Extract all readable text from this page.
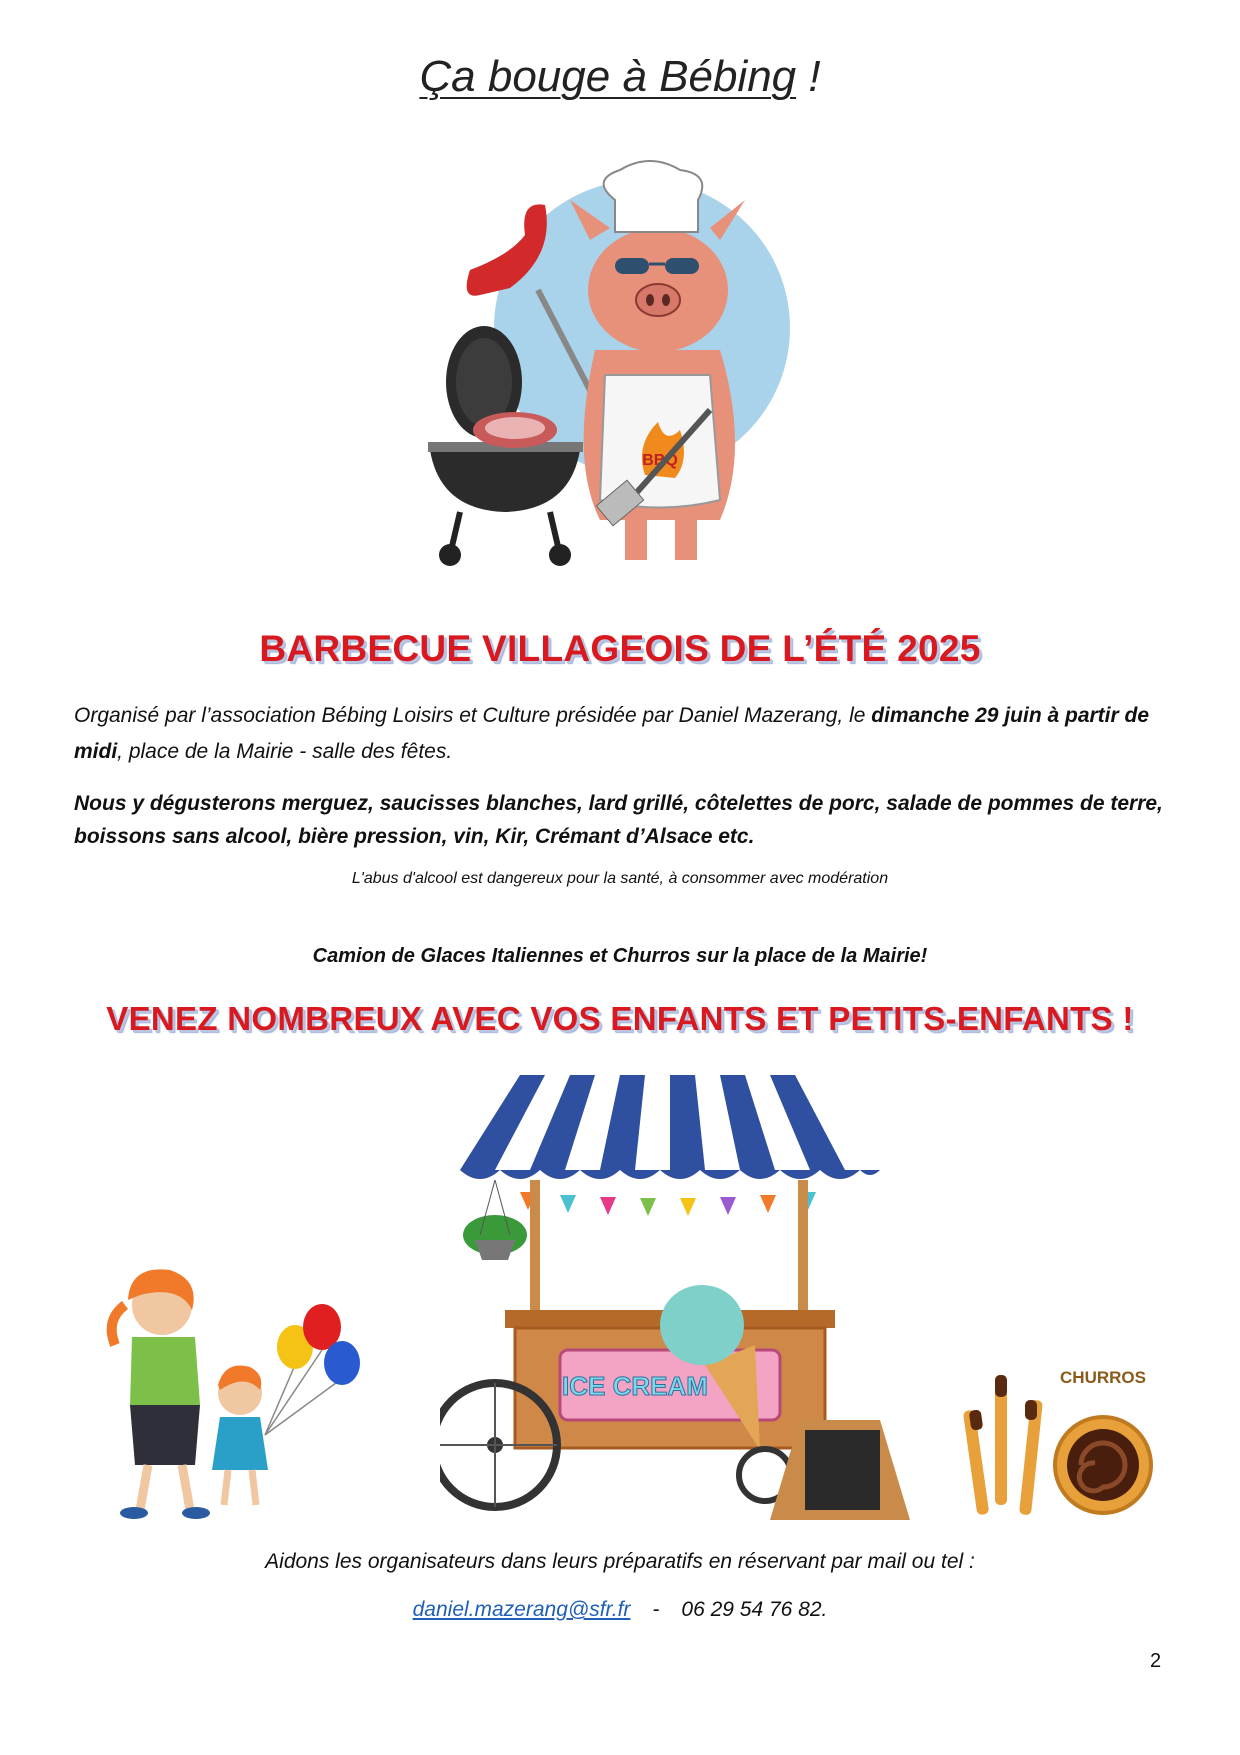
Ça bouge à Bébing !
BBQ
BARBECUE VILLAGEOIS DE L’ÉTÉ 2025
Organisé par l’association Bébing Loisirs et Culture présidée par Daniel Mazerang, le dimanche 29 juin à partir de midi, place de la Mairie - salle des fêtes.
Nous y dégusterons merguez, saucisses blanches, lard grillé, côtelettes de porc, salade de pommes de terre, boissons sans alcool, bière pression, vin, Kir, Crémant d’Alsace etc.
L'abus d'alcool est dangereux pour la santé, à consommer avec modération
Camion de Glaces Italiennes et Churros sur la place de la Mairie!
VENEZ NOMBREUX AVEC VOS ENFANTS ET PETITS-ENFANTS !
ICE CREAM	CHURROS
Aidons les organisateurs dans leurs préparatifs en réservant par mail ou tel :
daniel.mazerang@sfr.fr - 06 29 54 76 82.
2
